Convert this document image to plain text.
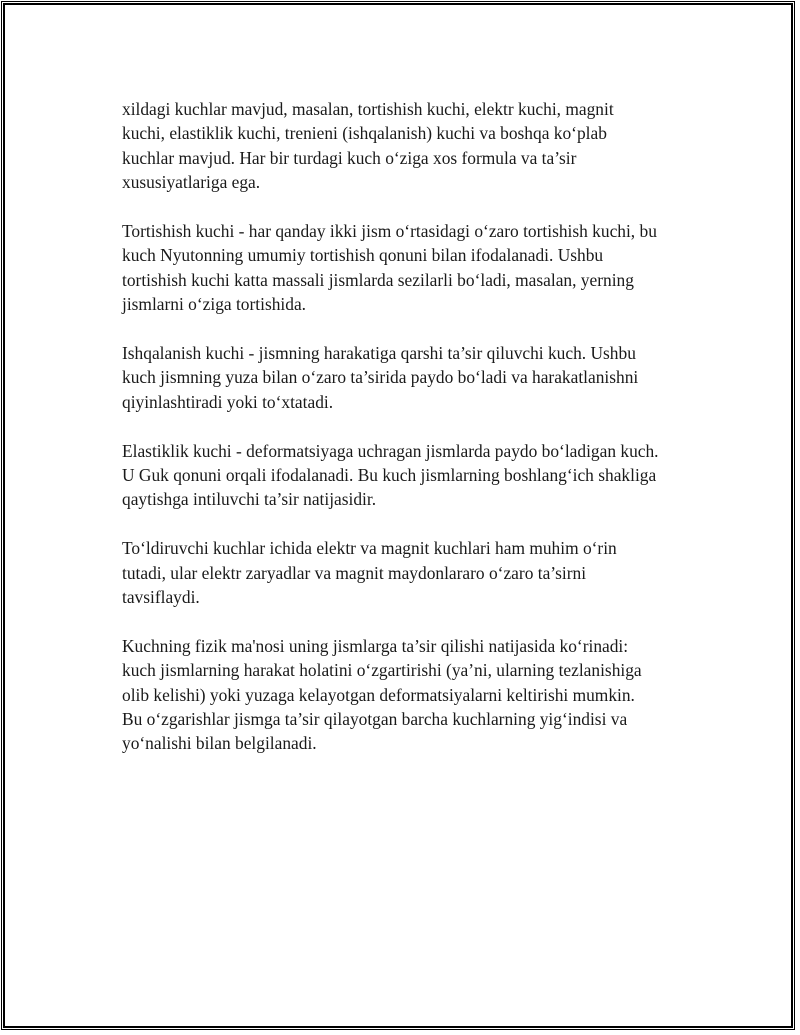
xildagi kuchlar mavjud, masalan, tortishish kuchi, elektr kuchi, magnit
kuchi, elastiklik kuchi, trenieni (ishqalanish) kuchi va boshqa ko‘plab
kuchlar mavjud. Har bir turdagi kuch o‘ziga xos formula va ta’sir
xususiyatlariga ega.
Tortishish kuchi - har qanday ikki jism o‘rtasidagi o‘zaro tortishish kuchi, bu
kuch Nyutonning umumiy tortishish qonuni bilan ifodalanadi. Ushbu
tortishish kuchi katta massali jismlarda sezilarli bo‘ladi, masalan, yerning
jismlarni o‘ziga tortishida.
Ishqalanish kuchi - jismning harakatiga qarshi ta’sir qiluvchi kuch. Ushbu
kuch jismning yuza bilan o‘zaro ta’sirida paydo bo‘ladi va harakatlanishni
qiyinlashtiradi yoki to‘xtatadi.
Elastiklik kuchi - deformatsiyaga uchragan jismlarda paydo bo‘ladigan kuch.
U Guk qonuni orqali ifodalanadi. Bu kuch jismlarning boshlang‘ich shakliga
qaytishga intiluvchi ta’sir natijasidir.
To‘ldiruvchi kuchlar ichida elektr va magnit kuchlari ham muhim o‘rin
tutadi, ular elektr zaryadlar va magnit maydonlararo o‘zaro ta’sirni
tavsiflaydi.
Kuchning fizik ma'nosi uning jismlarga ta’sir qilishi natijasida ko‘rinadi:
kuch jismlarning harakat holatini o‘zgartirishi (ya’ni, ularning tezlanishiga
olib kelishi) yoki yuzaga kelayotgan deformatsiyalarni keltirishi mumkin.
Bu o‘zgarishlar jismga ta’sir qilayotgan barcha kuchlarning yig‘indisi va
yo‘nalishi bilan belgilanadi.
